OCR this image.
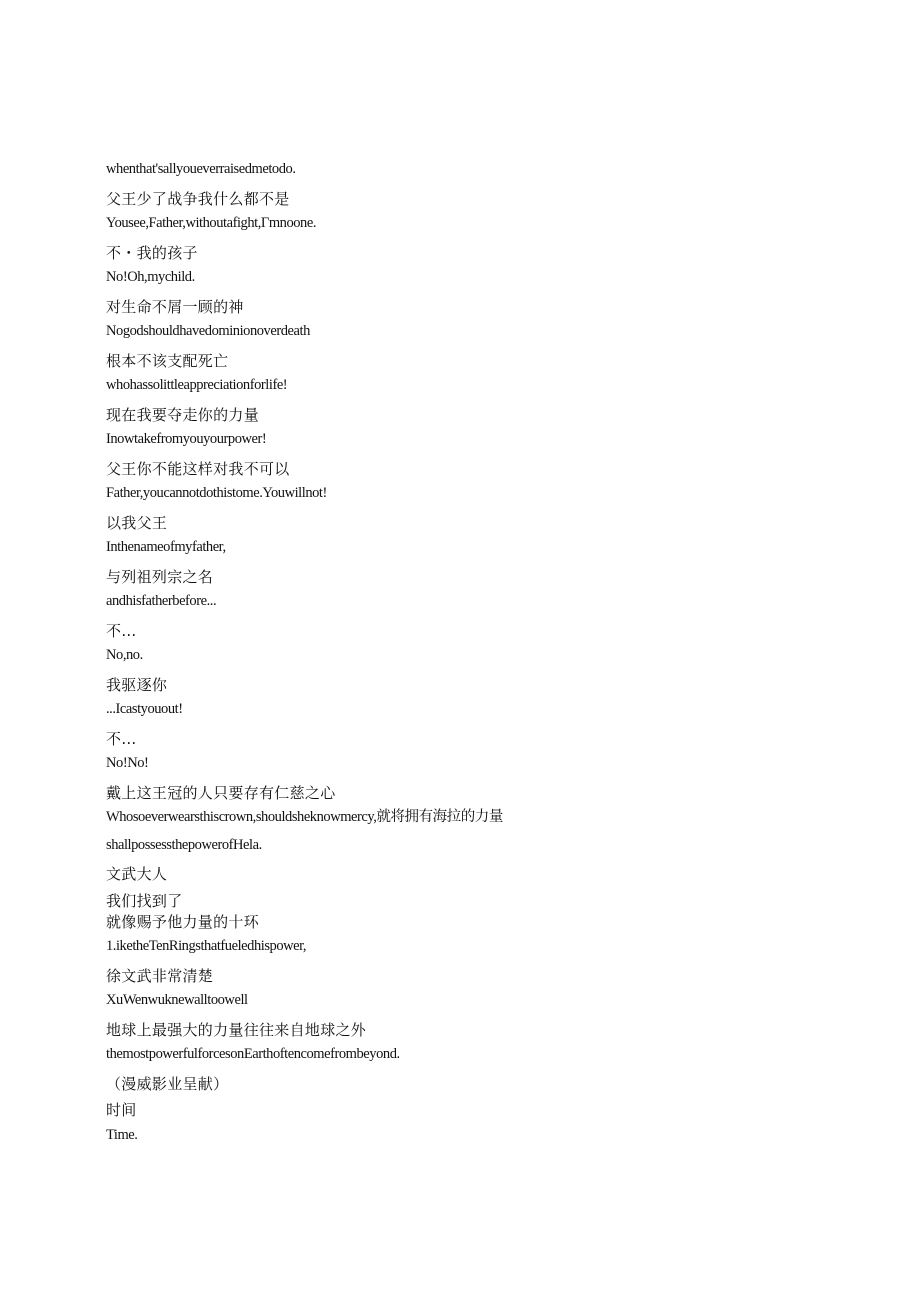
whenthat'sallyoueverraisedmetodo.
父王少了战争我什么都不是
Yousee,Father,withoutafight,Γmnoone.
不・我的孩子
No!Oh,mychild.
对生命不屑一顾的神
Nogodshouldhavedominionoverdeath
根本不该支配死亡
whohassolittleappreciationforlife!
现在我要夺走你的力量
Inowtakefromyouyourpower!
父王你不能这样对我不可以
Father,youcannotdothistome.Youwillnot!
以我父王
Inthenameofmyfather,
与列祖列宗之名
andhisfatherbefore...
不…
No,no.
我驱逐你
...Icastyouout!
不…
No!No!
戴上这王冠的人只要存有仁慈之心
Whosoeverwearsthiscrown,shouldsheknowmercy,就将拥有海拉的力量
shallpossessthepowerofHela.
文武大人
我们找到了
就像赐予他力量的十环
1.iketheTenRingsthatfueledhispower,
徐文武非常清楚
XuWenwuknewalltoowell
地球上最强大的力量往往来自地球之外
themostpowerfulforcesonEarthoftencomefrombeyond.
（漫威影业呈献）
时间
Time.
